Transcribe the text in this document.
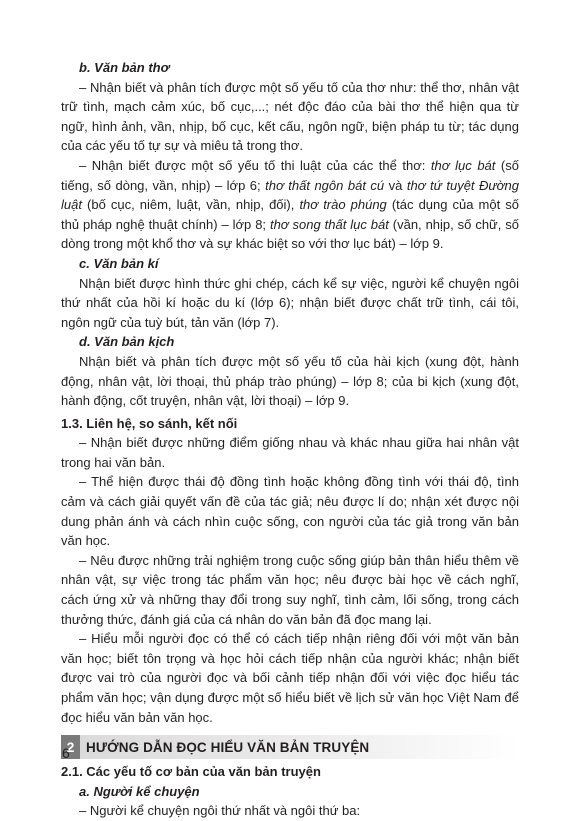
b. Văn bản thơ

– Nhận biết và phân tích được một số yếu tố của thơ như: thể thơ, nhân vật trữ tình, mạch cảm xúc, bố cục,...; nét độc đáo của bài thơ thể hiện qua từ ngữ, hình ảnh, vần, nhịp, bố cục, kết cấu, ngôn ngữ, biện pháp tu từ; tác dụng của các yếu tố tự sự và miêu tả trong thơ.

– Nhận biết được một số yếu tố thi luật của các thể thơ: thơ lục bát (số tiếng, số dòng, vần, nhịp) – lớp 6; thơ thất ngôn bát cú và thơ tứ tuyệt Đường luật (bố cục, niêm, luật, vần, nhịp, đối), thơ trào phúng (tác dụng của một số thủ pháp nghệ thuật chính) – lớp 8; thơ song thất lục bát (vần, nhịp, số chữ, số dòng trong một khổ thơ và sự khác biệt so với thơ lục bát) – lớp 9.

c. Văn bản kí

Nhận biết được hình thức ghi chép, cách kể sự việc, người kể chuyện ngôi thứ nhất của hồi kí hoặc du kí (lớp 6); nhận biết được chất trữ tình, cái tôi, ngôn ngữ của tuỳ bút, tản văn (lớp 7).

d. Văn bản kịch

Nhận biết và phân tích được một số yếu tố của hài kịch (xung đột, hành động, nhân vật, lời thoại, thủ pháp trào phúng) – lớp 8; của bi kịch (xung đột, hành động, cốt truyện, nhân vật, lời thoại) – lớp 9.

1.3. Liên hệ, so sánh, kết nối

– Nhận biết được những điểm giống nhau và khác nhau giữa hai nhân vật trong hai văn bản.

– Thể hiện được thái độ đồng tình hoặc không đồng tình với thái độ, tình cảm và cách giải quyết vấn đề của tác giả; nêu được lí do; nhận xét được nội dung phản ánh và cách nhìn cuộc sống, con người của tác giả trong văn bản văn học.

– Nêu được những trải nghiệm trong cuộc sống giúp bản thân hiểu thêm về nhân vật, sự việc trong tác phẩm văn học; nêu được bài học về cách nghĩ, cách ứng xử và những thay đổi trong suy nghĩ, tình cảm, lối sống, trong cách thưởng thức, đánh giá của cá nhân do văn bản đã đọc mang lại.

– Hiểu mỗi người đọc có thể có cách tiếp nhận riêng đối với một văn bản văn học; biết tôn trọng và học hỏi cách tiếp nhận của người khác; nhận biết được vai trò của người đọc và bối cảnh tiếp nhận đối với việc đọc hiểu tác phẩm văn học; vận dụng được một số hiểu biết về lịch sử văn học Việt Nam để đọc hiểu văn bản văn học.

2 HƯỚNG DẪN ĐỌC HIỂU VĂN BẢN TRUYỆN

2.1. Các yếu tố cơ bản của văn bản truyện

a. Người kể chuyện

– Người kể chuyện ngôi thứ nhất và ngôi thứ ba:

6
